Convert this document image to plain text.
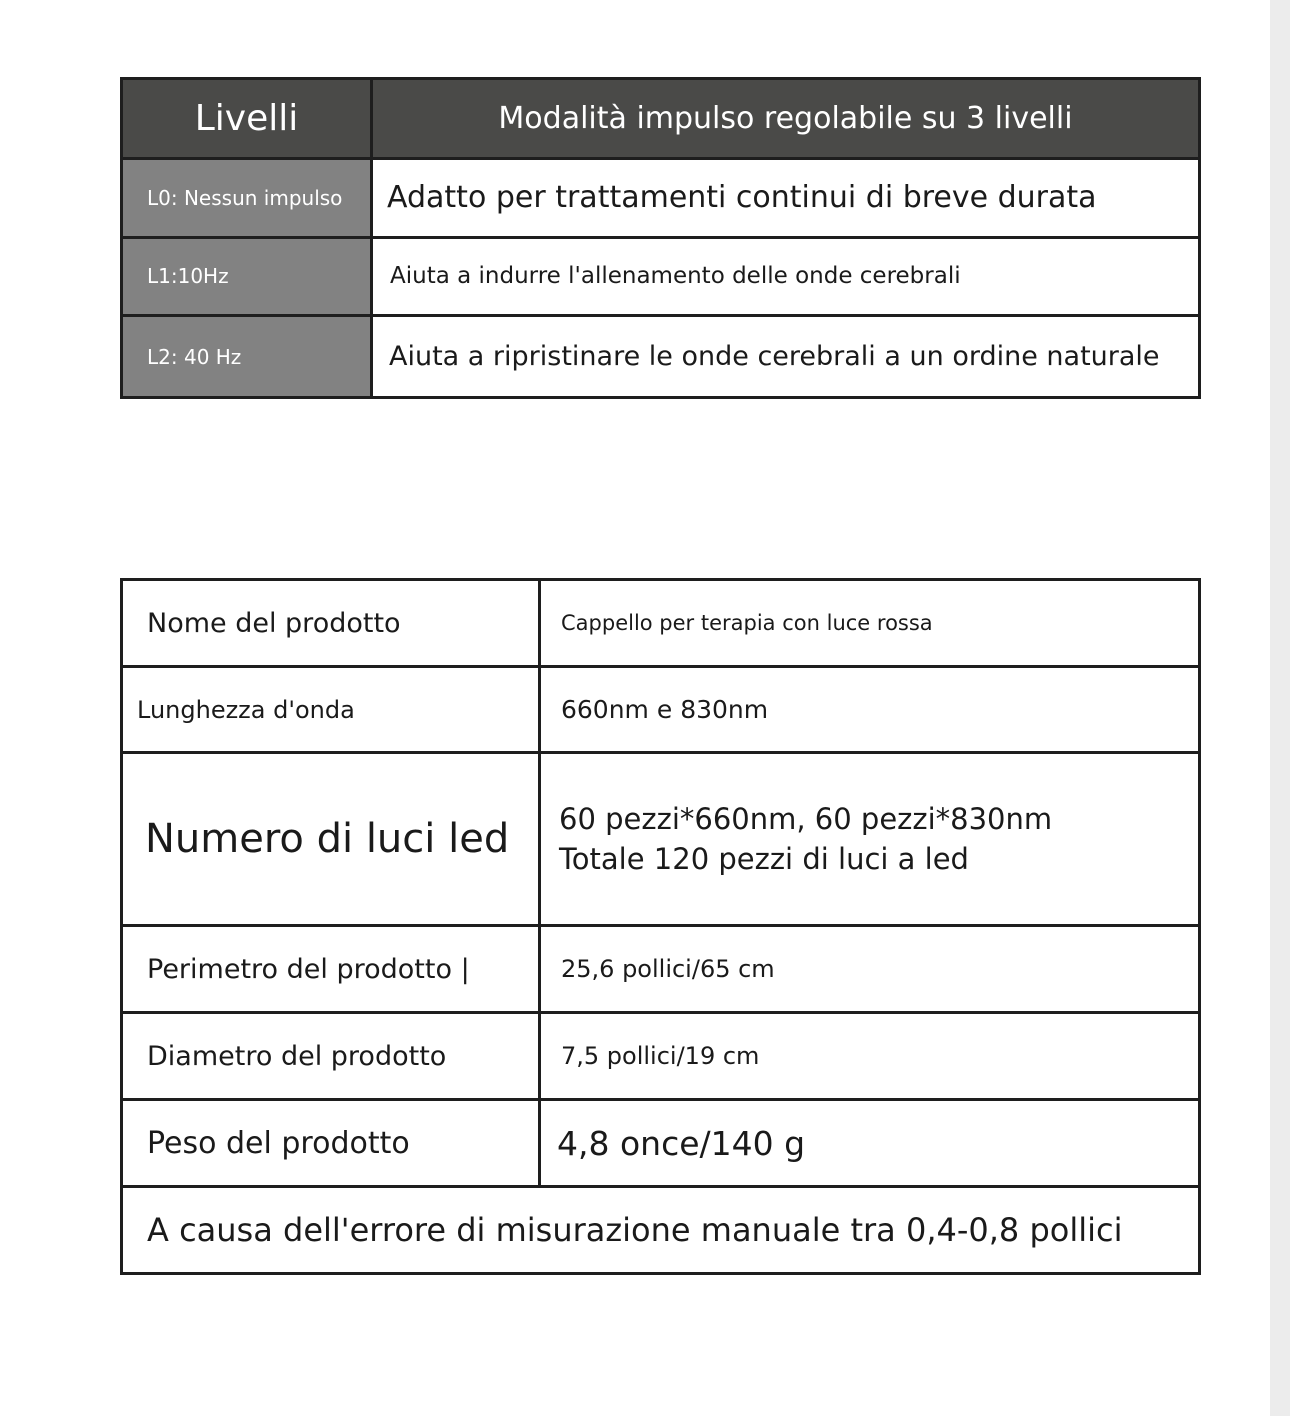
Livelli	Modalità impulso regolabile su 3 livelli
L0: Nessun impulso	Adatto per trattamenti continui di breve durata
L1:10Hz	Aiuta a indurre l'allenamento delle onde cerebrali
L2: 40 Hz	Aiuta a ripristinare le onde cerebrali a un ordine naturale
Nome del prodotto	Cappello per terapia con luce rossa
Lunghezza d'onda	660nm e 830nm
Numero di luci led	60 pezzi*660nm, 60 pezzi*830nm
Totale 120 pezzi di luci a led
Perimetro del prodotto |	25,6 pollici/65 cm
Diametro del prodotto	7,5 pollici/19 cm
Peso del prodotto	4,8 once/140 g
A causa dell'errore di misurazione manuale tra 0,4-0,8 pollici
